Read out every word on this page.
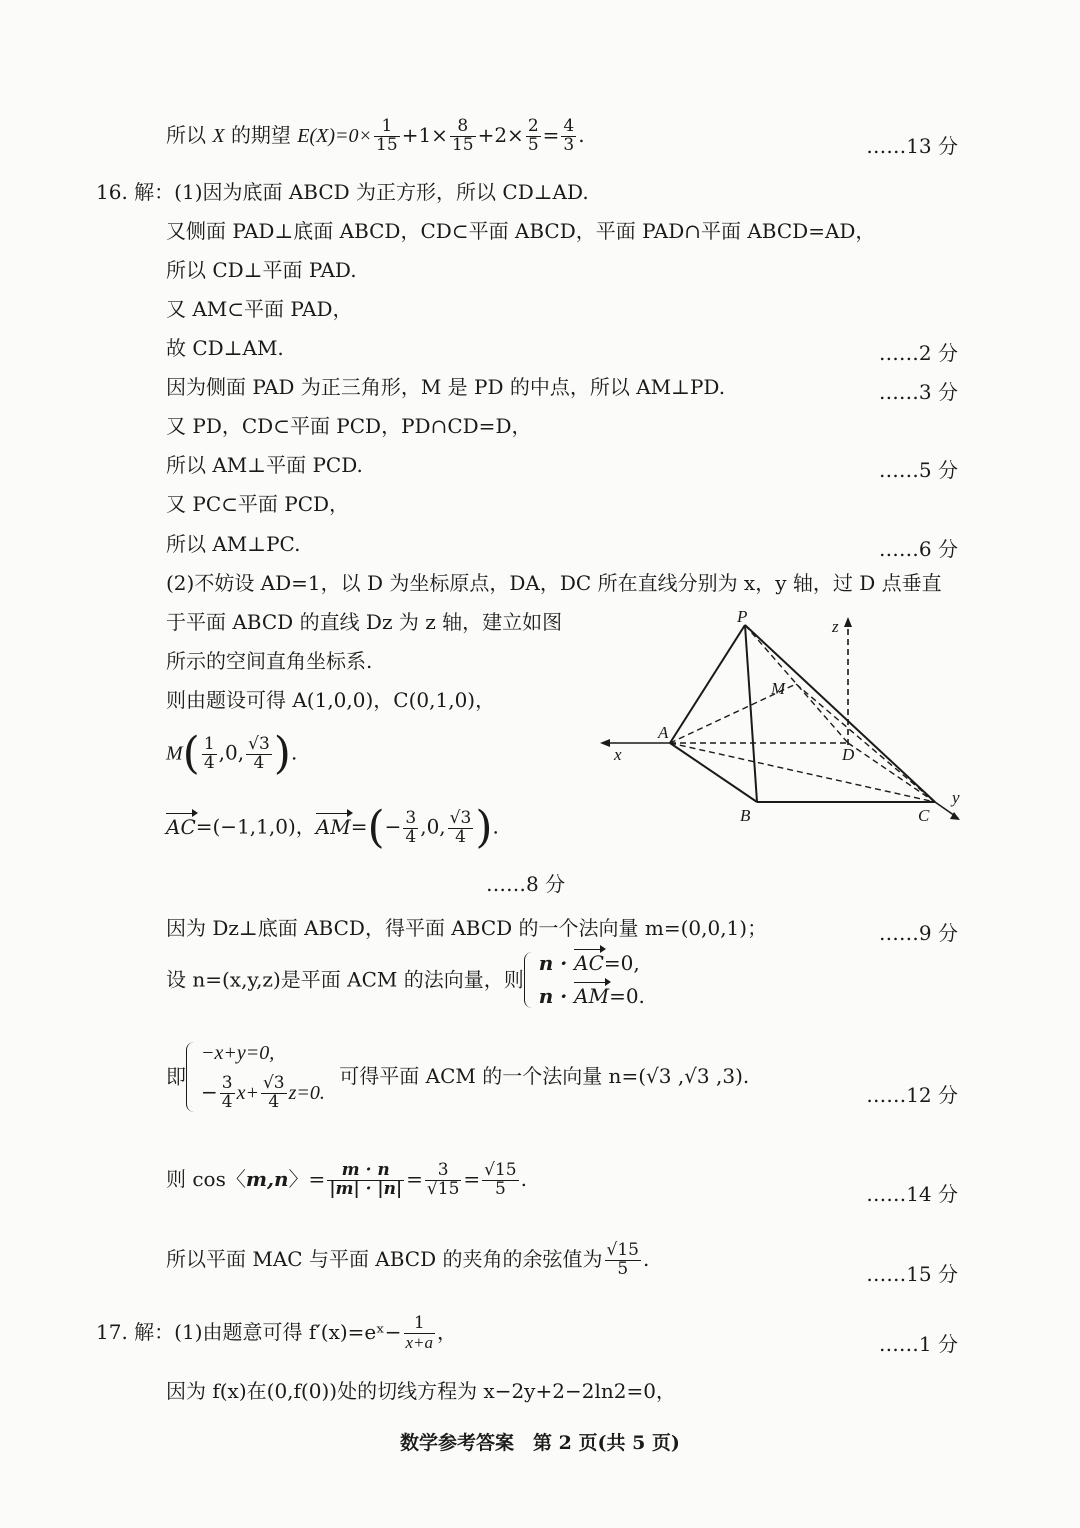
所以 X 的期望 $E(X)=0\times \frac{1}{15} +1\times \frac{8}{15} +2\times \frac{2}{5} = \frac{4}{3}$ .	……13 分
16. 解：(1)因为底面 ABCD 为正方形，所以 CD⊥AD.
又侧面 PAD⊥底面 ABCD，CD⊂平面 ABCD，平面 PAD∩平面 ABCD=AD，
所以 CD⊥平面 PAD.
又 AM⊂平面 PAD，
故 CD⊥AM.	……2 分
因为侧面 PAD 为正三角形，M 是 PD 的中点，所以 AM⊥PD.	……3 分
又 PD，CD⊂平面 PCD，PD∩CD=D，
所以 AM⊥平面 PCD.	……5 分
又 PC⊂平面 PCD，
所以 AM⊥PC.	……6 分
(2)不妨设 AD=1，以 D 为坐标原点，DA，DC 所在直线分别为 x，y 轴，过 D 点垂直
于平面 ABCD 的直线 Dz 为 z 轴，建立如图
所示的空间直角坐标系.
则由题设可得 A(1,0,0)，C(0,1,0)，
$M( \frac{1}{4} ,0$, $\frac{√3}{4}$ ).
AC=(−1,1,0)，$AM=(- \frac{3}{4} ,0$, $\frac{√3}{4}$ ).
……8 分
P
M
A
D
B	C
x
y
z
因为 Dz⊥底面 ABCD，得平面 ABCD 的一个法向量 m=(0,0,1)；	……9 分
设 n=(x,y,z)是平面 ACM 的法向量，则
n · AC=0,
n · AM=0.
即
−x+y=0,
− $\frac{3}{4} x+ \frac{√3}{4} z=0$.
可得平面 ACM 的一个法向量 n=(√3 ,√3 ,3).
……12 分
则 cos〈m,n〉= $\frac{m \cdot n}{|m| \cdot |n|} = \frac{3}{√15} = \frac{√15}{5}$ .
……14 分
所以平面 MAC 与平面 ABCD 的夹角的余弦值为 $\frac{√15}{5}$ .
……15 分
17. 解：(1)由题意可得 f′(x)=eˣ− $\frac{1}{x+a}$ ，
……1 分
因为 f(x)在(0,f(0))处的切线方程为 x−2y+2−2ln2=0，
数学参考答案　第 2 页(共 5 页)
